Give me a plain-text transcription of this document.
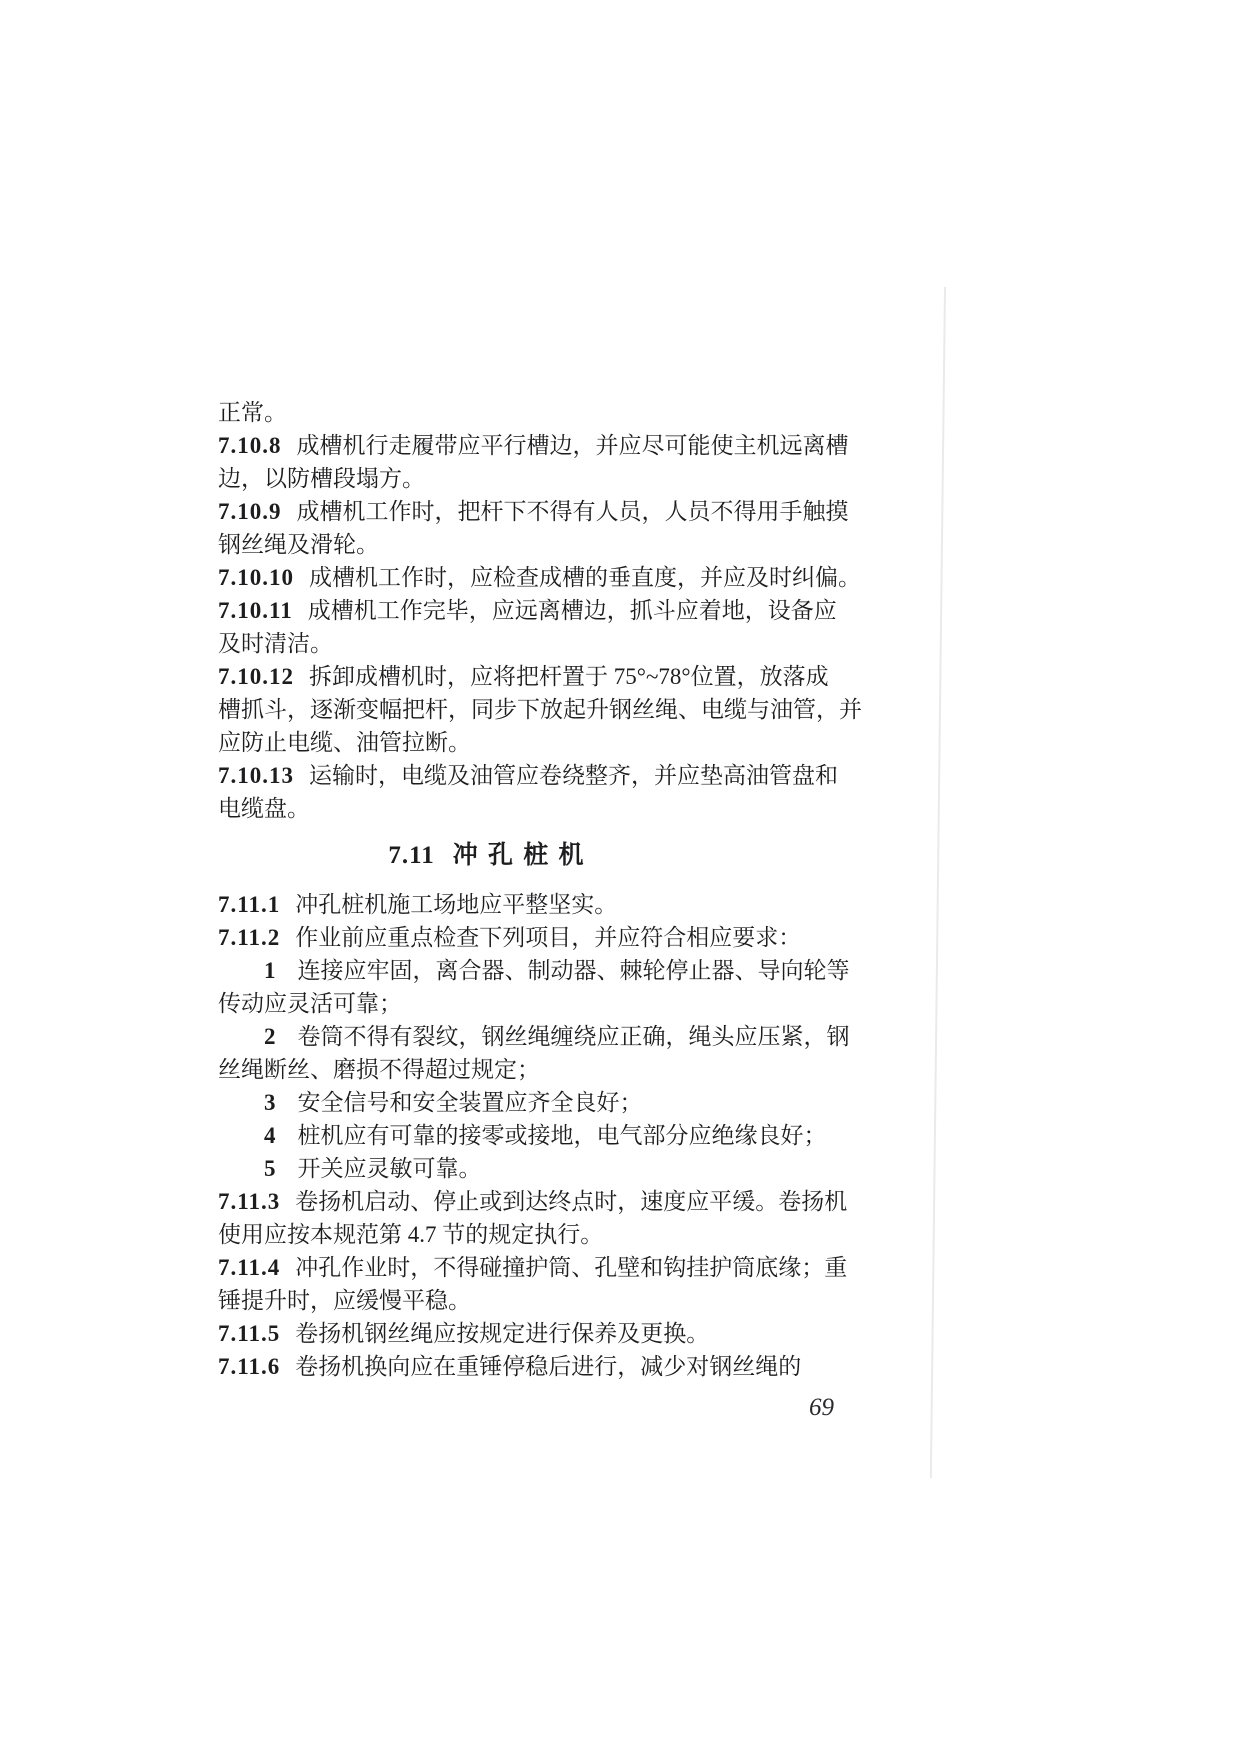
正常。
7.10.8 成槽机行走履带应平行槽边，并应尽可能使主机远离槽
边，以防槽段塌方。
7.10.9 成槽机工作时，把杆下不得有人员，人员不得用手触摸
钢丝绳及滑轮。
7.10.10 成槽机工作时，应检查成槽的垂直度，并应及时纠偏。
7.10.11 成槽机工作完毕，应远离槽边，抓斗应着地，设备应
及时清洁。
7.10.12 拆卸成槽机时，应将把杆置于 75°~78°位置，放落成
槽抓斗，逐渐变幅把杆，同步下放起升钢丝绳、电缆与油管，并
应防止电缆、油管拉断。
7.10.13 运输时，电缆及油管应卷绕整齐，并应垫高油管盘和
电缆盘。
7.11 冲 孔 桩 机
7.11.1 冲孔桩机施工场地应平整坚实。
7.11.2 作业前应重点检查下列项目，并应符合相应要求：
1 连接应牢固，离合器、制动器、棘轮停止器、导向轮等
传动应灵活可靠；
2 卷筒不得有裂纹，钢丝绳缠绕应正确，绳头应压紧，钢
丝绳断丝、磨损不得超过规定；
3 安全信号和安全装置应齐全良好；
4 桩机应有可靠的接零或接地，电气部分应绝缘良好；
5 开关应灵敏可靠。
7.11.3 卷扬机启动、停止或到达终点时，速度应平缓。卷扬机
使用应按本规范第 4.7 节的规定执行。
7.11.4 冲孔作业时，不得碰撞护筒、孔壁和钩挂护筒底缘；重
锤提升时，应缓慢平稳。
7.11.5 卷扬机钢丝绳应按规定进行保养及更换。
7.11.6 卷扬机换向应在重锤停稳后进行，减少对钢丝绳的
69
